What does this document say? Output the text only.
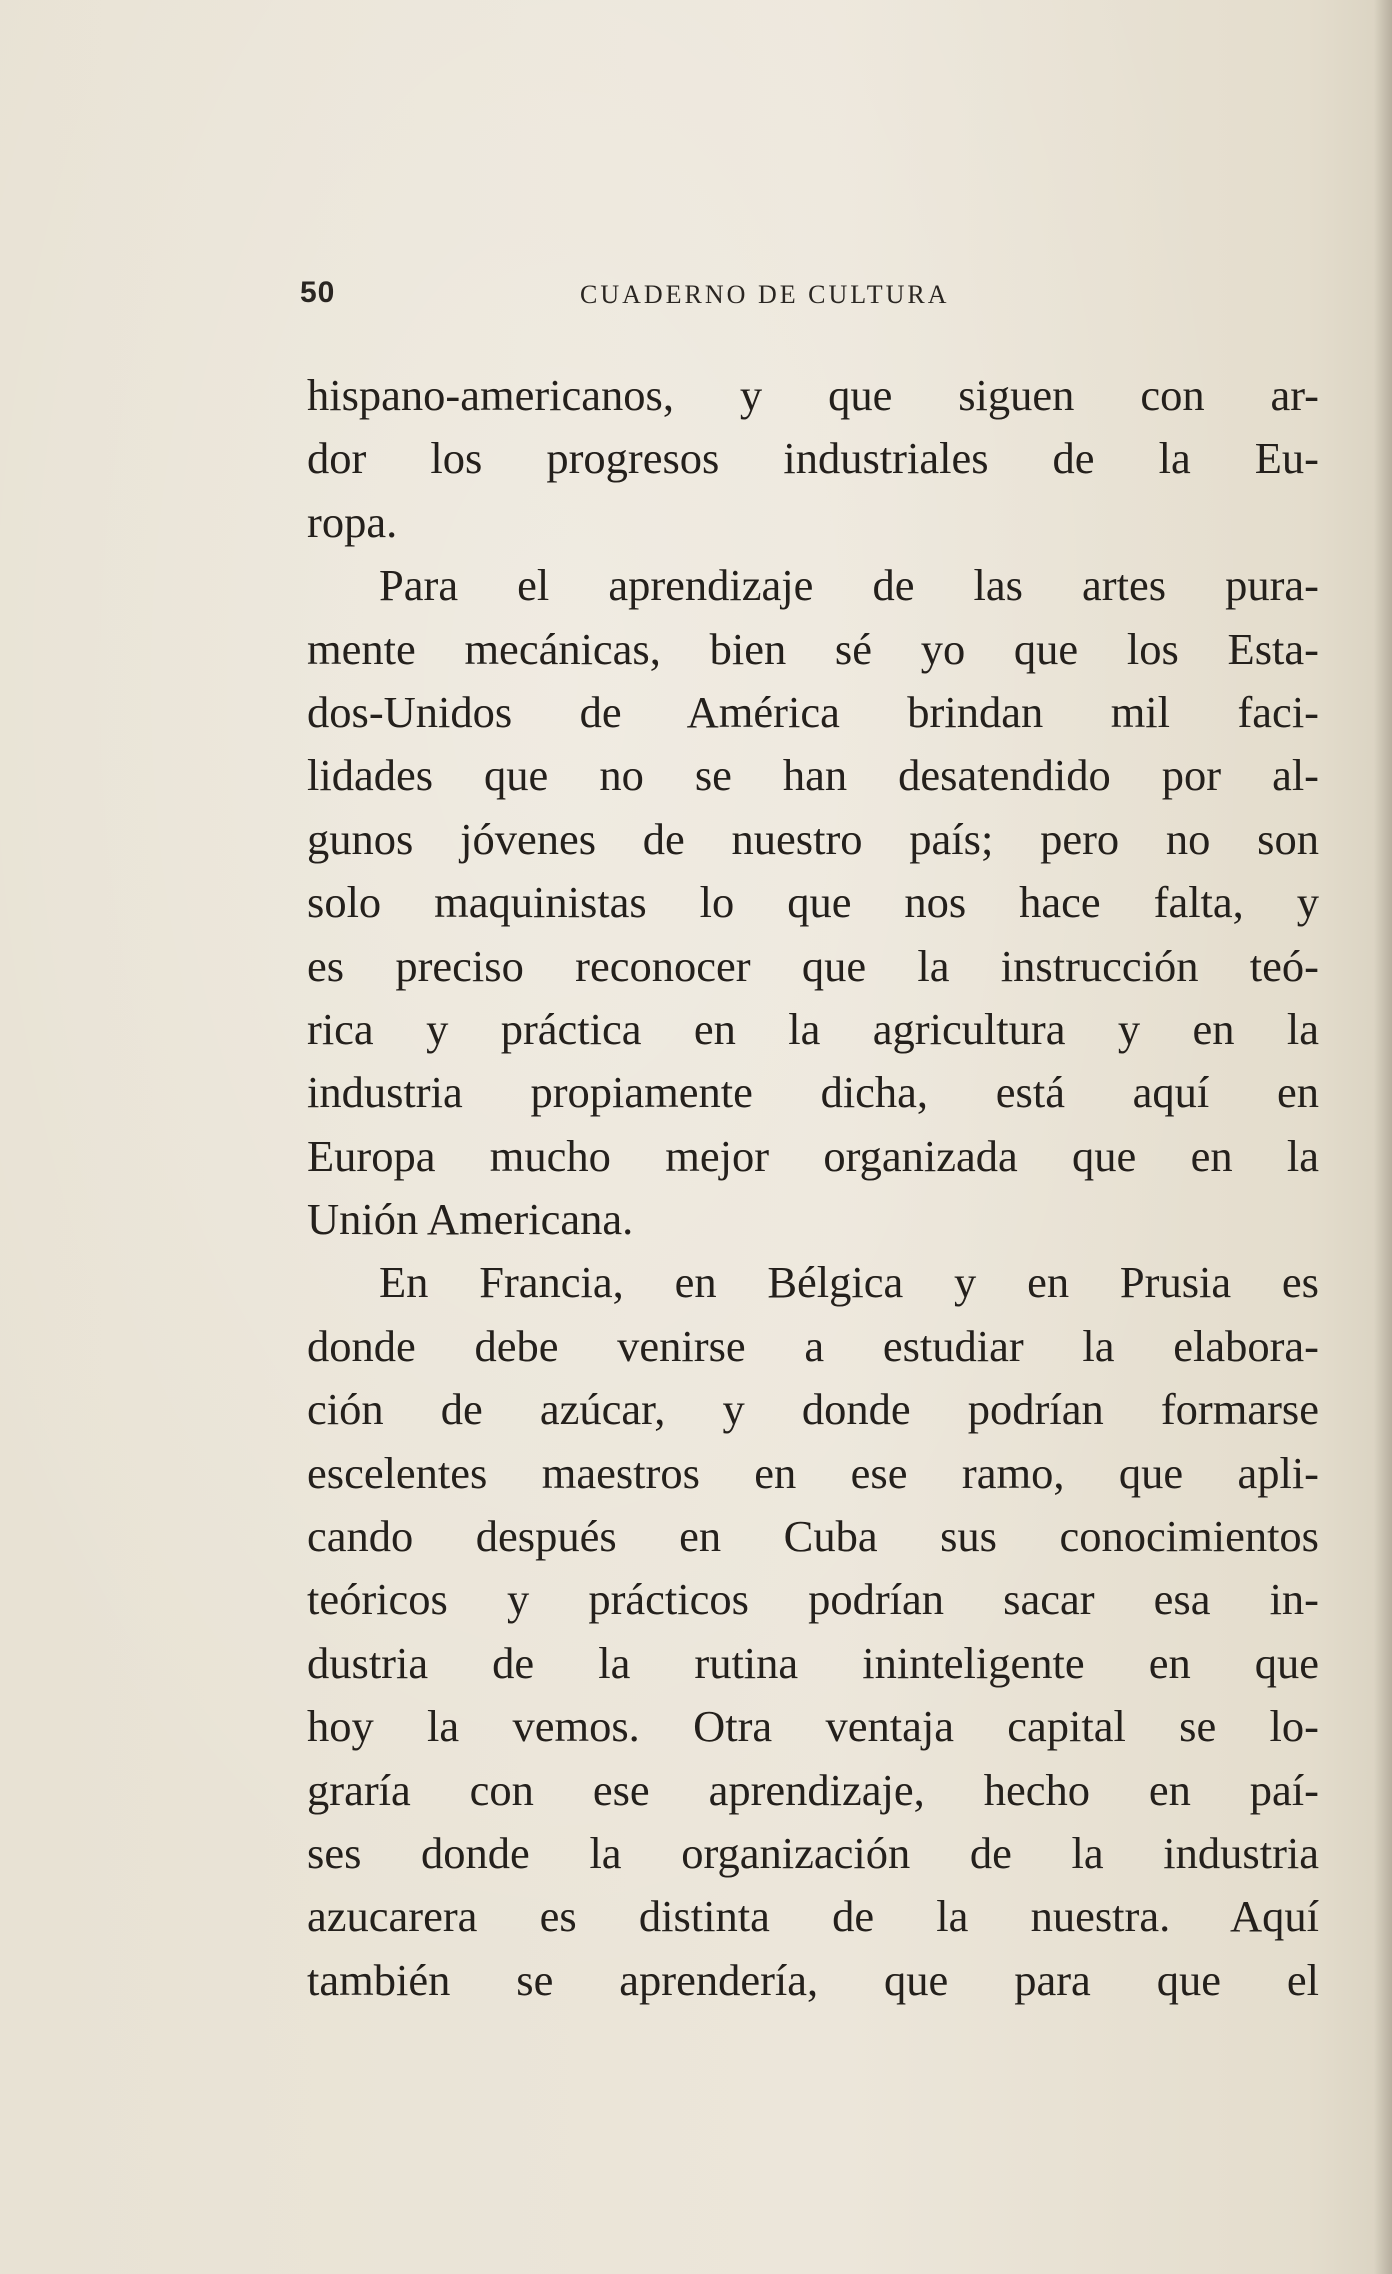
50	CUADERNO DE CULTURA
hispano-americanos, y que siguen con ar-
dor los progresos industriales de la Eu-
ropa.
Para el aprendizaje de las artes pura-
mente mecánicas, bien sé yo que los Esta-
dos-Unidos de América brindan mil faci-
lidades que no se han desatendido por al-
gunos jóvenes de nuestro país; pero no son
solo maquinistas lo que nos hace falta, y
es preciso reconocer que la instrucción teó-
rica y práctica en la agricultura y en la
industria propiamente dicha, está aquí en
Europa mucho mejor organizada que en la
Unión Americana.
En Francia, en Bélgica y en Prusia es
donde debe venirse a estudiar la elabora-
ción de azúcar, y donde podrían formarse
escelentes maestros en ese ramo, que apli-
cando después en Cuba sus conocimientos
teóricos y prácticos podrían sacar esa in-
dustria de la rutina ininteligente en que
hoy la vemos. Otra ventaja capital se lo-
graría con ese aprendizaje, hecho en paí-
ses donde la organización de la industria
azucarera es distinta de la nuestra. Aquí
también se aprendería, que para que el
